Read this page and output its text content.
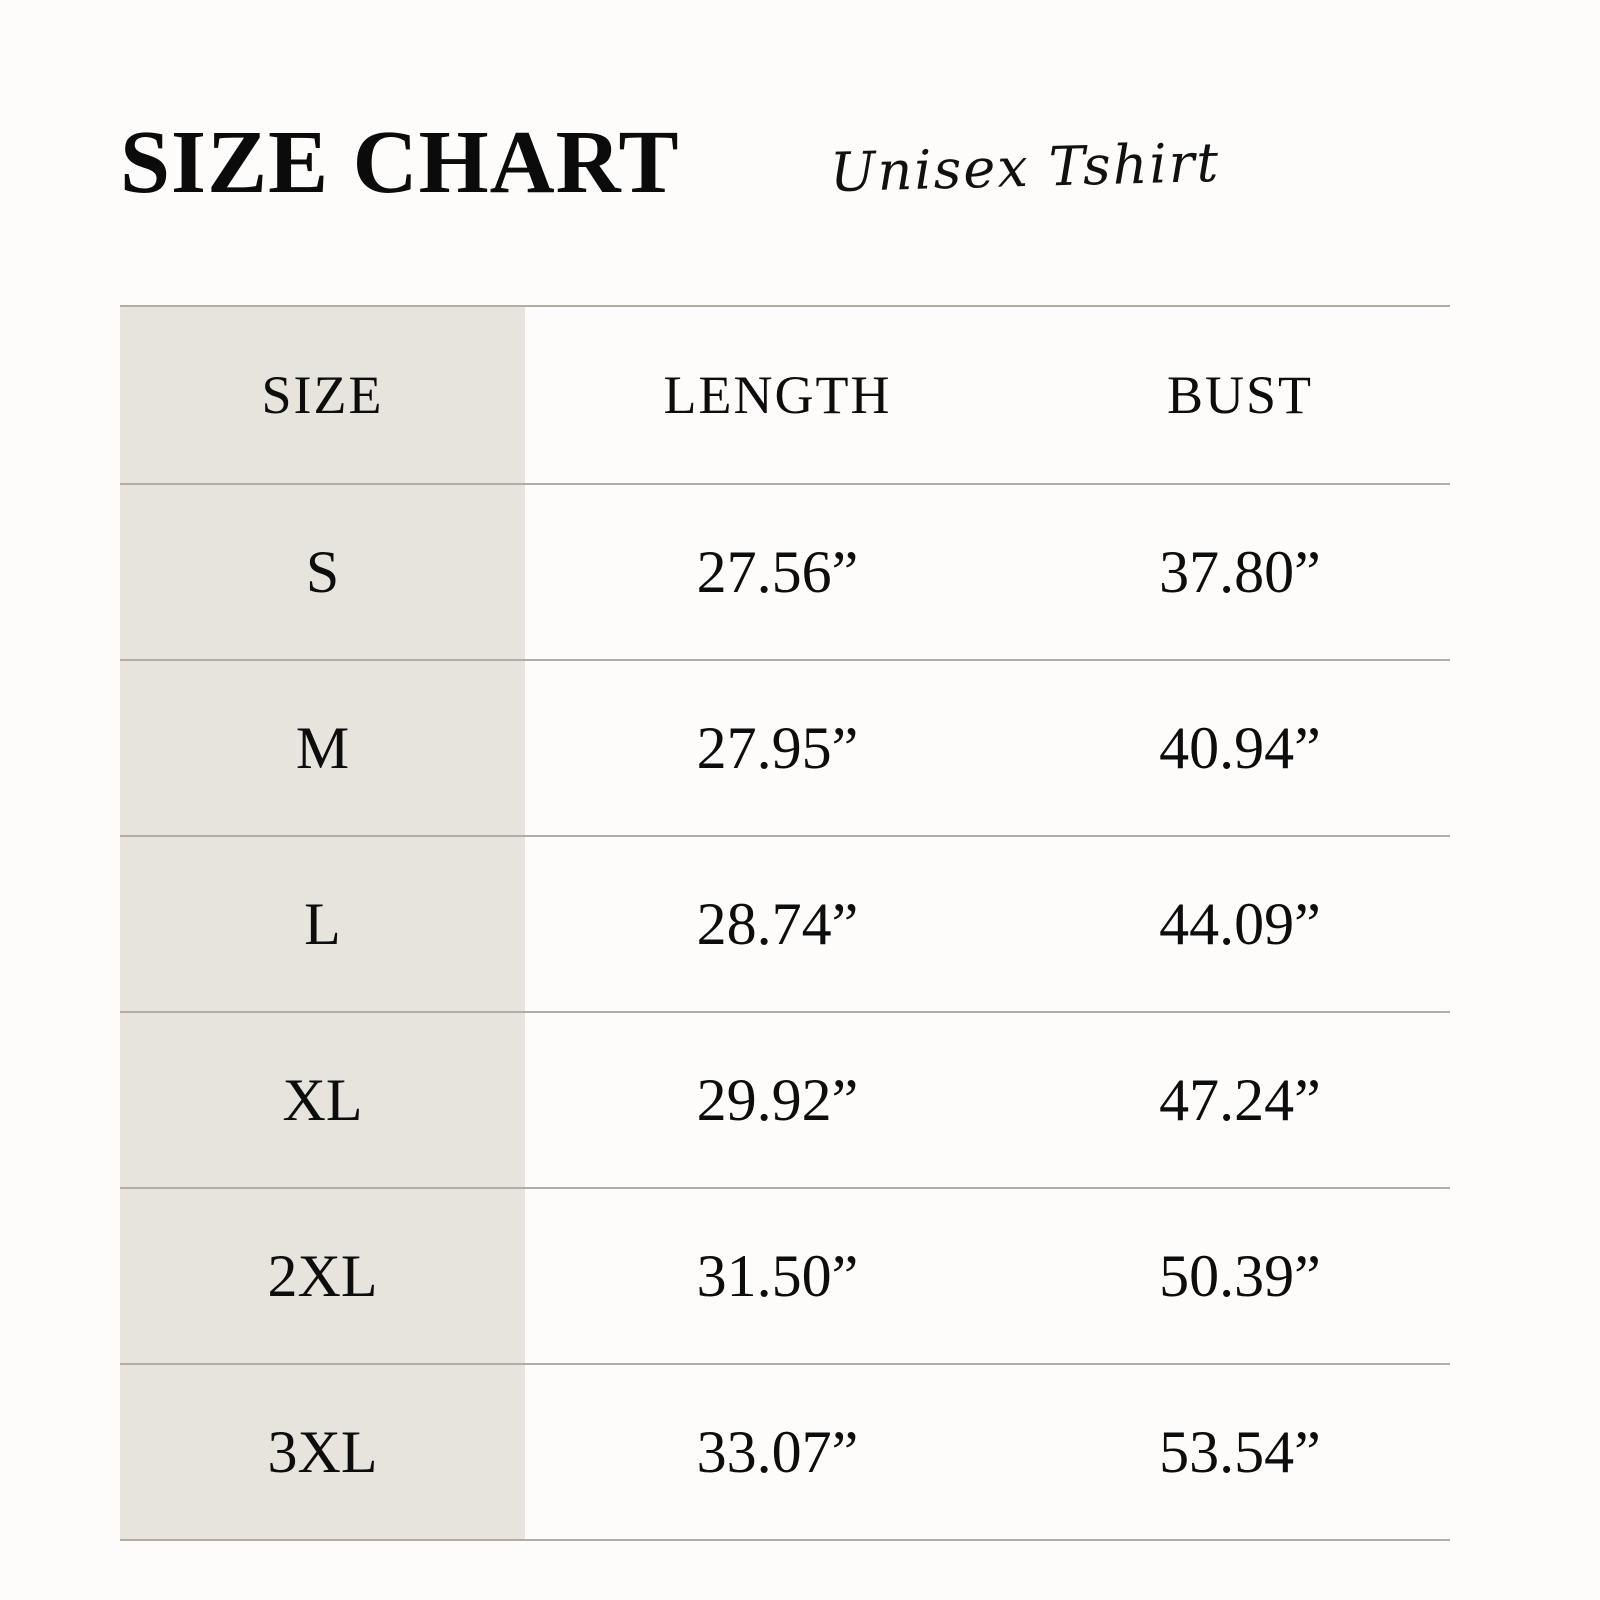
SIZE CHART	Unisex Tshirt
SIZE	LENGTH	BUST
S	27.56”	37.80”
M	27.95”	40.94”
L	28.74”	44.09”
XL	29.92”	47.24”
2XL	31.50”	50.39”
3XL	33.07”	53.54”
